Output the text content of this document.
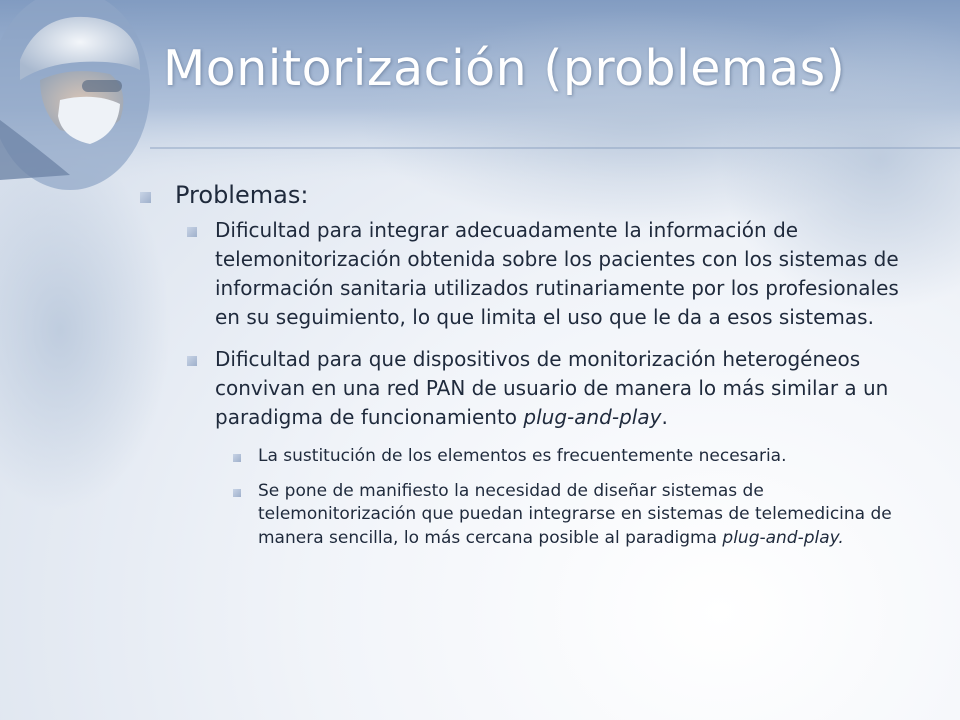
Monitorización (problemas)
Problemas:
Dificultad para integrar adecuadamente la información de telemonitorización obtenida sobre los pacientes con los sistemas de información sanitaria utilizados rutinariamente por los profesionales en su seguimiento, lo que limita el uso que le da a esos sistemas.
Dificultad para que dispositivos de monitorización heterogéneos convivan en una red PAN de usuario de manera lo más similar a un paradigma de funcionamiento plug-and-play.
La sustitución de los elementos es frecuentemente necesaria.
Se pone de manifiesto la necesidad de diseñar sistemas de telemonitorización que puedan integrarse en sistemas de telemedicina de manera sencilla, lo más cercana posible al paradigma plug-and-play.
